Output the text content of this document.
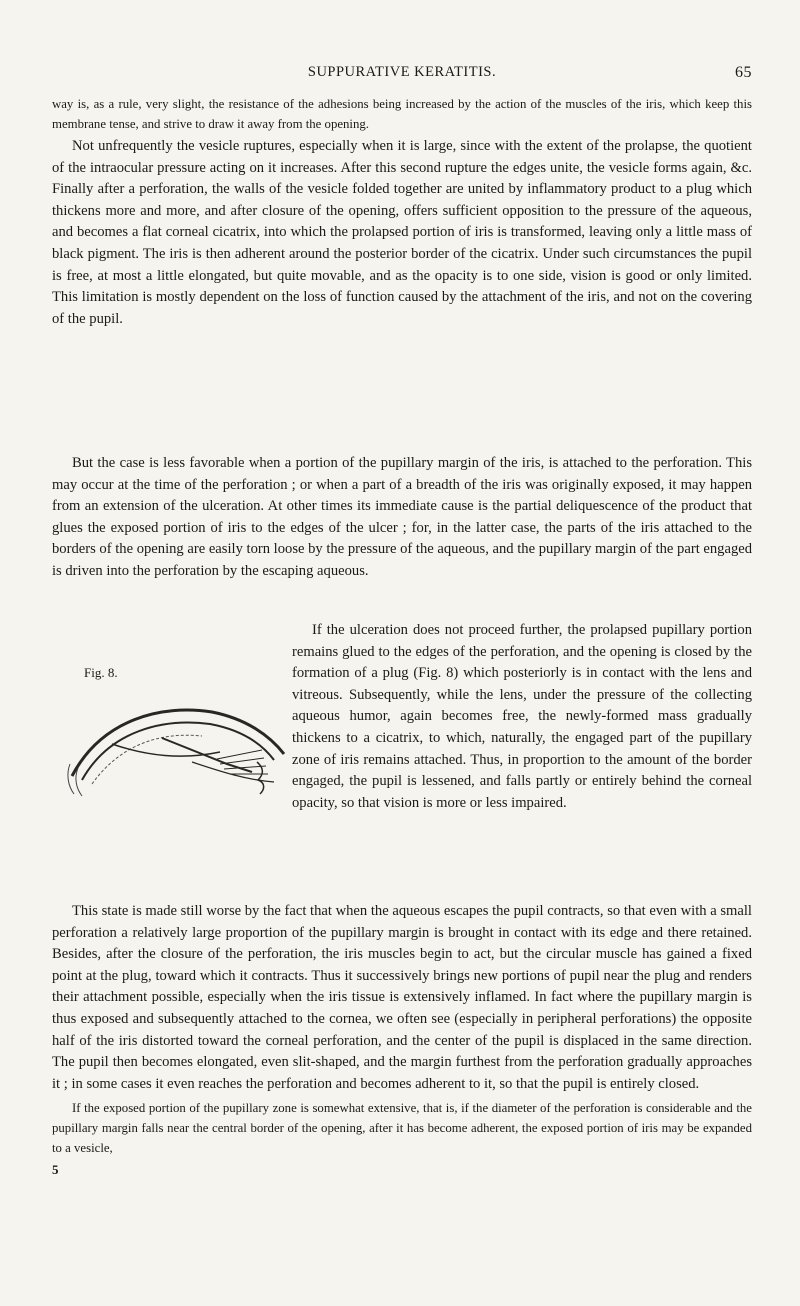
SUPPURATIVE KERATITIS.	65

way is, as a rule, very slight, the resistance of the adhesions being increased by the action of the muscles of the iris, which keep this membrane tense, and strive to draw it away from the opening.

Not unfrequently the vesicle ruptures, especially when it is large, since with the extent of the prolapse, the quotient of the intraocular pressure acting on it increases. After this second rupture the edges unite, the vesicle forms again, &c. Finally after a perforation, the walls of the vesicle folded together are united by inflammatory product to a plug which thickens more and more, and after closure of the opening, offers sufficient opposition to the pressure of the aqueous, and becomes a flat corneal cicatrix, into which the prolapsed portion of iris is transformed, leaving only a little mass of black pigment. The iris is then adherent around the posterior border of the cicatrix. Under such circumstances the pupil is free, at most a little elongated, but quite movable, and as the opacity is to one side, vision is good or only limited. This limitation is mostly dependent on the loss of function caused by the attachment of the iris, and not on the covering of the pupil.

But the case is less favorable when a portion of the pupillary margin of the iris, is attached to the perforation. This may occur at the time of the perforation ; or when a part of a breadth of the iris was originally exposed, it may happen from an extension of the ulceration. At other times its immediate cause is the partial deliquescence of the product that glues the exposed portion of iris to the edges of the ulcer ; for, in the latter case, the parts of the iris attached to the borders of the opening are easily torn loose by the pressure of the aqueous, and the pupillary margin of the part engaged is driven into the perforation by the escaping aqueous.

Fig. 8.

If the ulceration does not proceed further, the prolapsed pupillary portion remains glued to the edges of the perforation, and the opening is closed by the formation of a plug (Fig. 8) which posteriorly is in contact with the lens and vitreous. Subsequently, while the lens, under the pressure of the collecting aqueous humor, again becomes free, the newly-formed mass gradually thickens to a cicatrix, to which, naturally, the engaged part of the pupillary zone of iris remains attached. Thus, in proportion to the amount of the border engaged, the pupil is lessened, and falls partly or entirely behind the corneal opacity, so that vision is more or less impaired.

This state is made still worse by the fact that when the aqueous escapes the pupil contracts, so that even with a small perforation a relatively large proportion of the pupillary margin is brought in contact with its edge and there retained. Besides, after the closure of the perforation, the iris muscles begin to act, but the circular muscle has gained a fixed point at the plug, toward which it contracts. Thus it successively brings new portions of pupil near the plug and renders their attachment possible, especially when the iris tissue is extensively inflamed. In fact where the pupillary margin is thus exposed and subsequently attached to the cornea, we often see (especially in peripheral perforations) the opposite half of the iris distorted toward the corneal perforation, and the center of the pupil is displaced in the same direction. The pupil then becomes elongated, even slit-shaped, and the margin furthest from the perforation gradually approaches it ; in some cases it even reaches the perforation and becomes adherent to it, so that the pupil is entirely closed.

If the exposed portion of the pupillary zone is somewhat extensive, that is, if the diameter of the perforation is considerable and the pupillary margin falls near the central border of the opening, after it has become adherent, the exposed portion of iris may be expanded to a vesicle,

5
